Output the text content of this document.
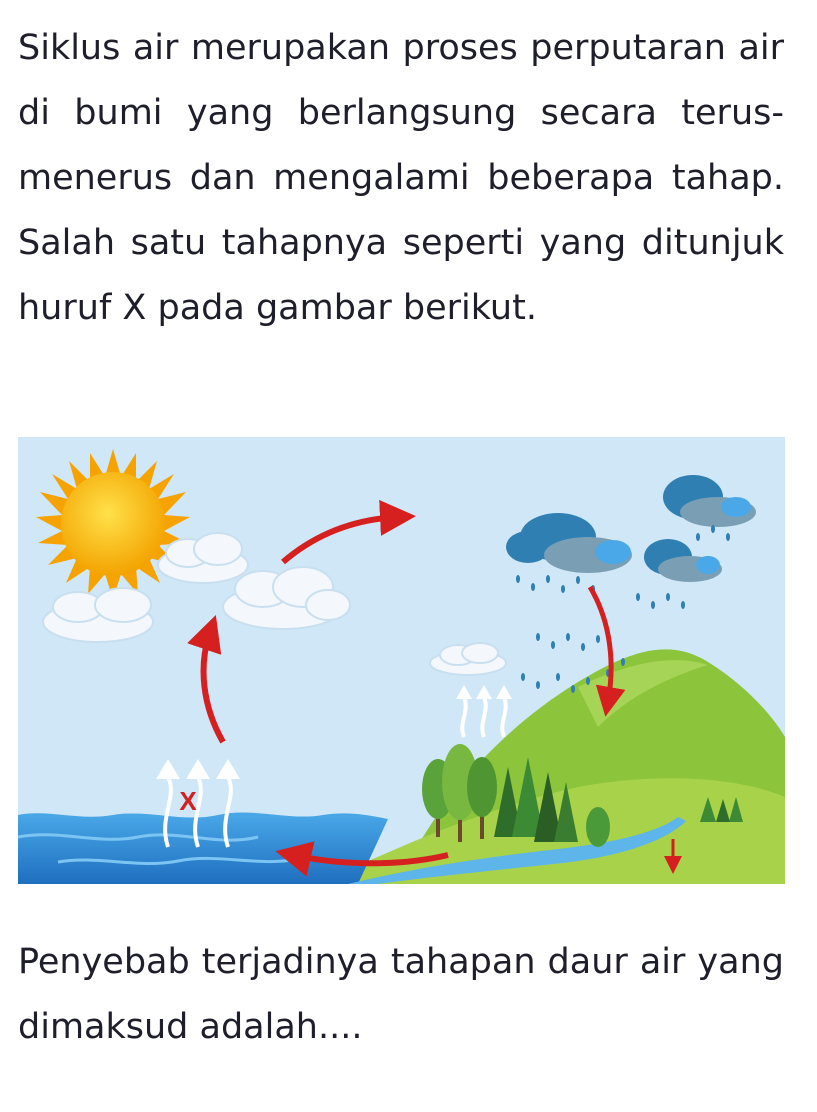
Siklus air merupakan proses perputaran air di bumi yang berlangsung secara terus-menerus dan mengalami beberapa tahap. Salah satu tahapnya seperti yang ditunjuk huruf X pada gambar berikut.

X

Penyebab terjadinya tahapan daur air yang dimaksud adalah....
